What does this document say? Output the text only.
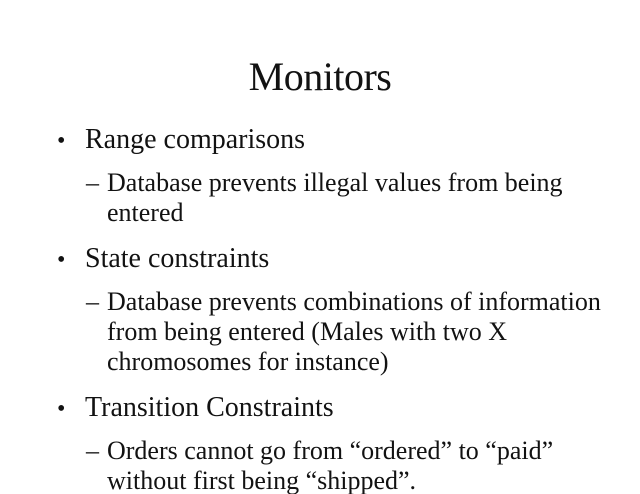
Monitors
• Range comparisons
– Database prevents illegal values from being
entered
• State constraints
– Database prevents combinations of information
from being entered (Males with two X
chromosomes for instance)
• Transition Constraints
– Orders cannot go from “ordered” to “paid”
without first being “shipped”.
